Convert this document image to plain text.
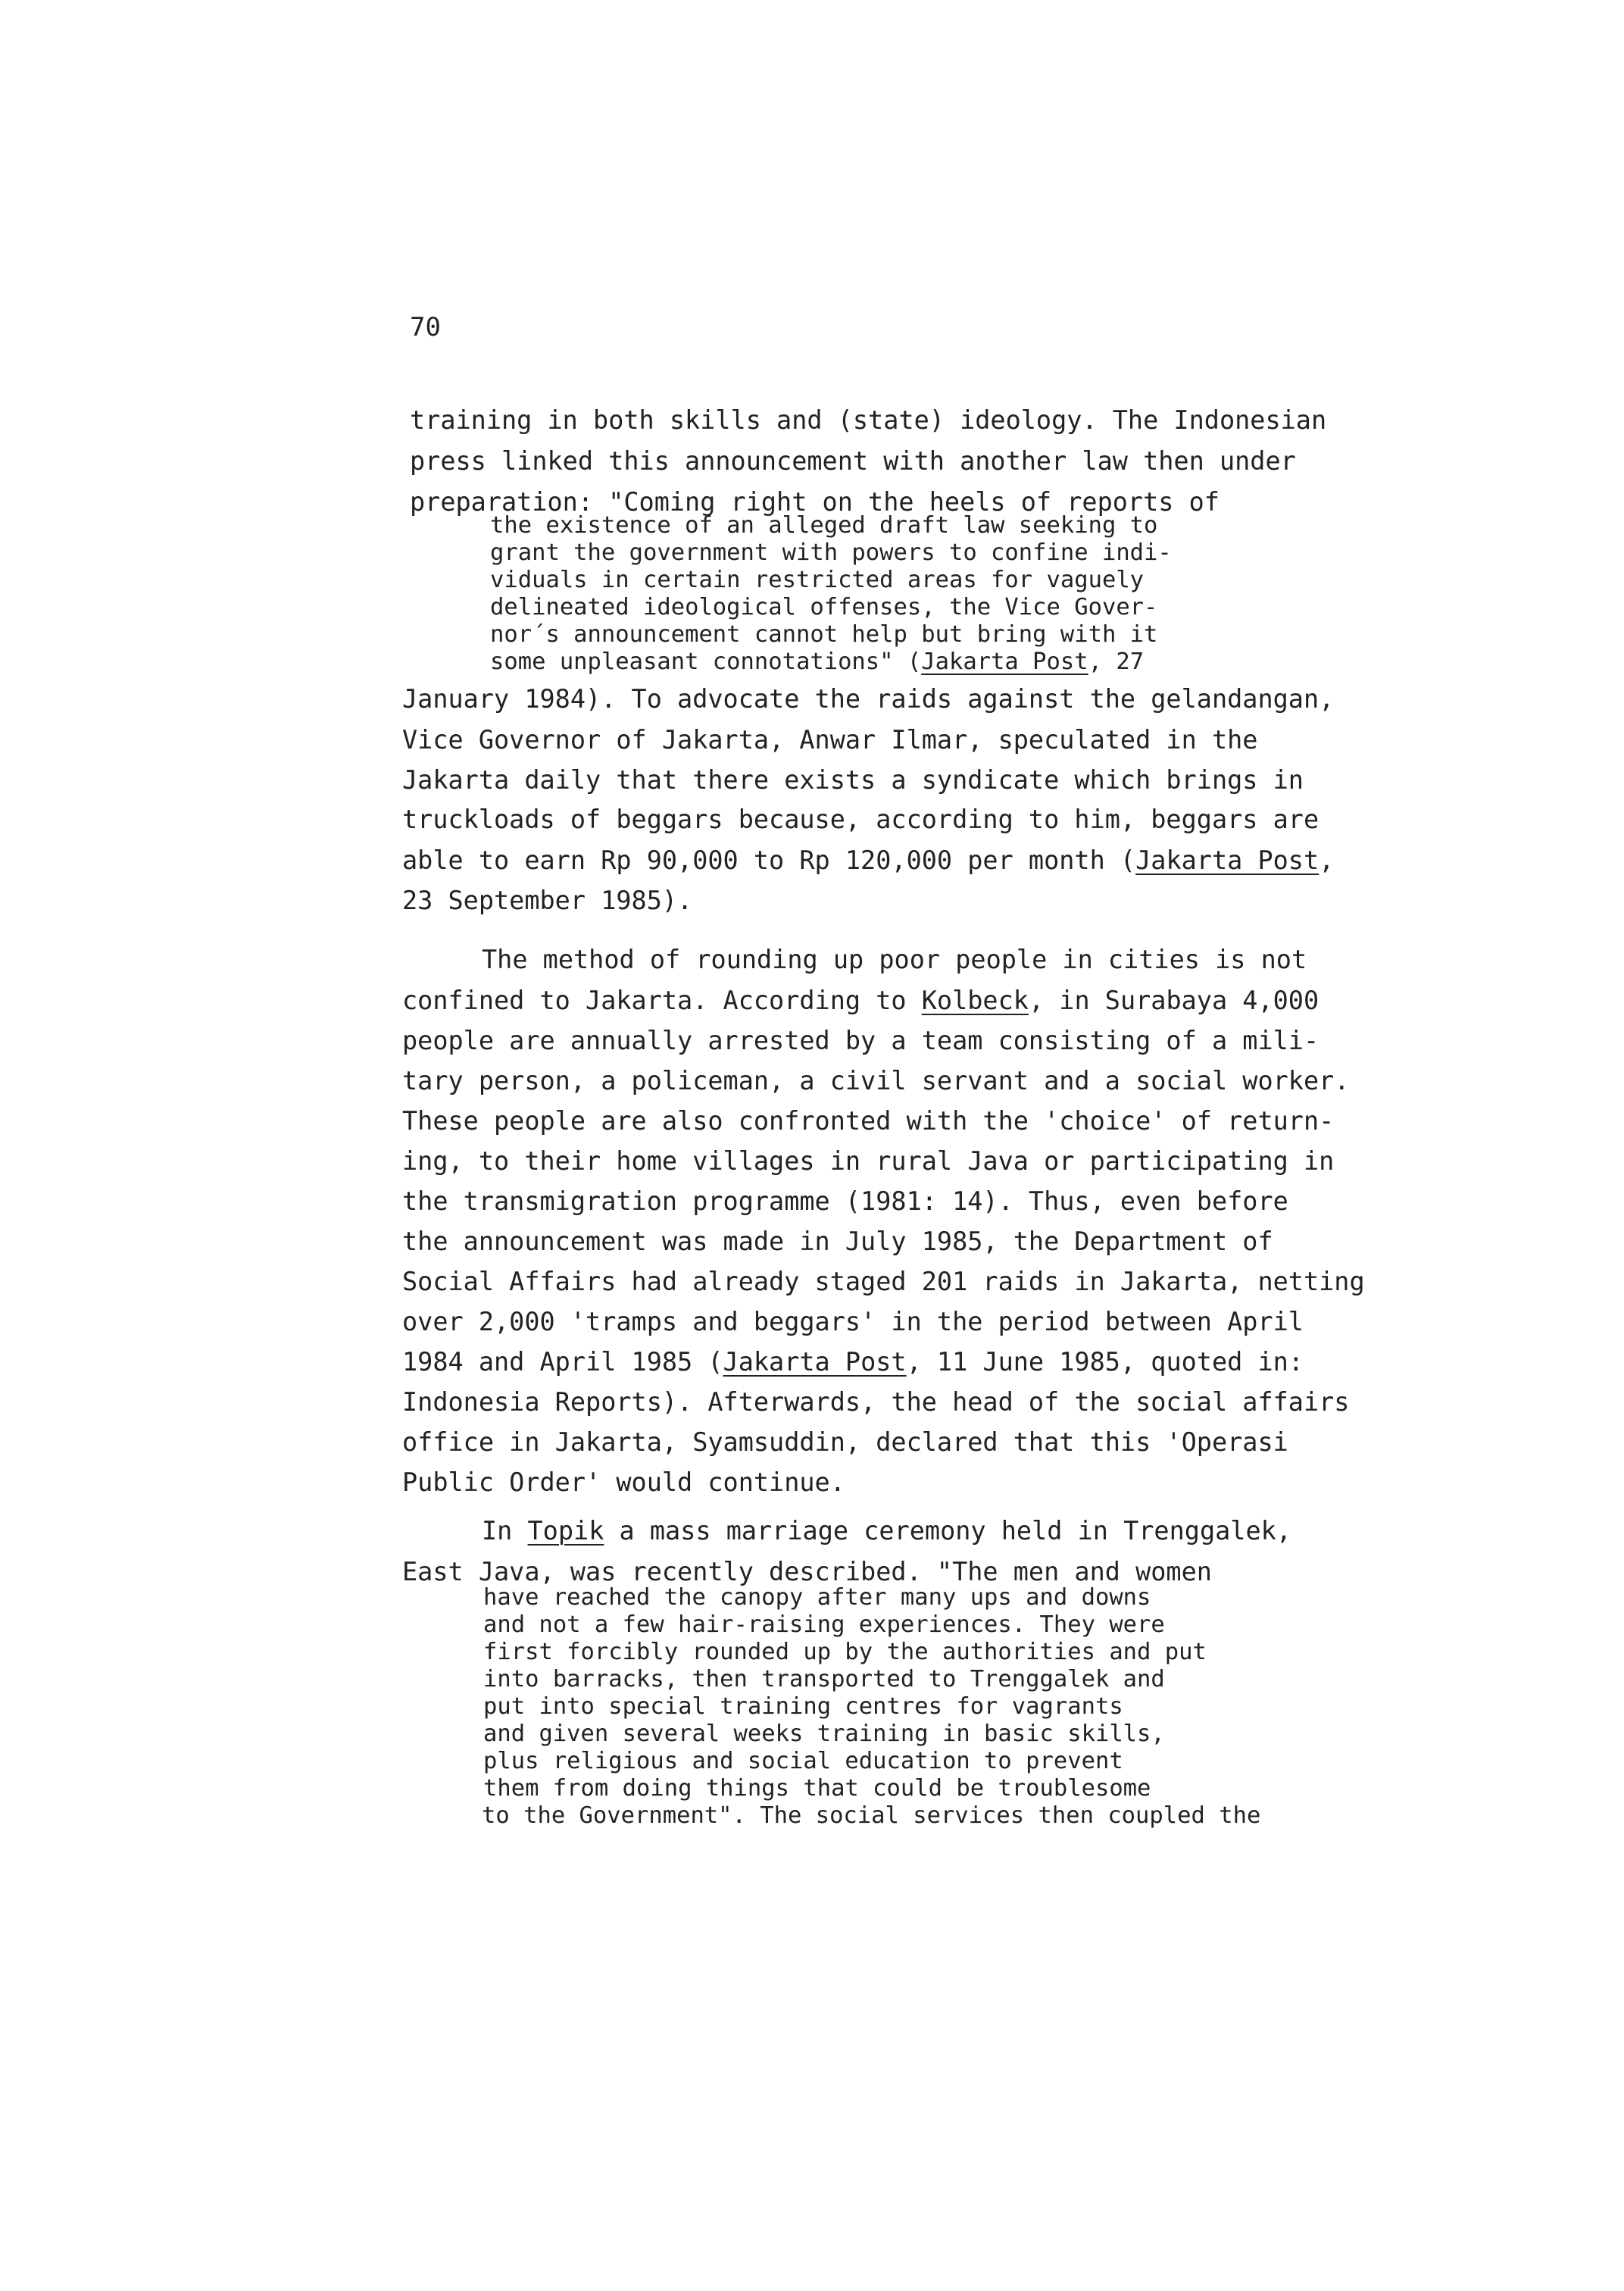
70
training in both skills and (state) ideology. The Indonesian
press linked this announcement with another law then under
preparation: "Coming right on the heels of reports of
the existence of an alleged draft law seeking to
grant the government with powers to confine indi-
viduals in certain restricted areas for vaguely
delineated ideological offenses, the Vice Gover-
nor´s announcement cannot help but bring with it
some unpleasant connotations" (Jakarta Post, 27
January 1984). To advocate the raids against the gelandangan,
Vice Governor of Jakarta, Anwar Ilmar, speculated in the
Jakarta daily that there exists a syndicate which brings in
truckloads of beggars because, according to him, beggars are
able to earn Rp 90,000 to Rp 120,000 per month (Jakarta Post,
23 September 1985).
The method of rounding up poor people in cities is not
confined to Jakarta. According to Kolbeck, in Surabaya 4,000
people are annually arrested by a team consisting of a mili-
tary person, a policeman, a civil servant and a social worker.
These people are also confronted with the 'choice' of return-
ing, to their home villages in rural Java or participating in
the transmigration programme (1981: 14). Thus, even before
the announcement was made in July 1985, the Department of
Social Affairs had already staged 201 raids in Jakarta, netting
over 2,000 'tramps and beggars' in the period between April
1984 and April 1985 (Jakarta Post, 11 June 1985, quoted in:
Indonesia Reports). Afterwards, the head of the social affairs
office in Jakarta, Syamsuddin, declared that this 'Operasi
Public Order' would continue.
In Topik a mass marriage ceremony held in Trenggalek,
East Java, was recently described. "The men and women
have reached the canopy after many ups and downs
and not a few hair-raising experiences. They were
first forcibly rounded up by the authorities and put
into barracks, then transported to Trenggalek and
put into special training centres for vagrants
and given several weeks training in basic skills,
plus religious and social education to prevent
them from doing things that could be troublesome
to the Government". The social services then coupled the
